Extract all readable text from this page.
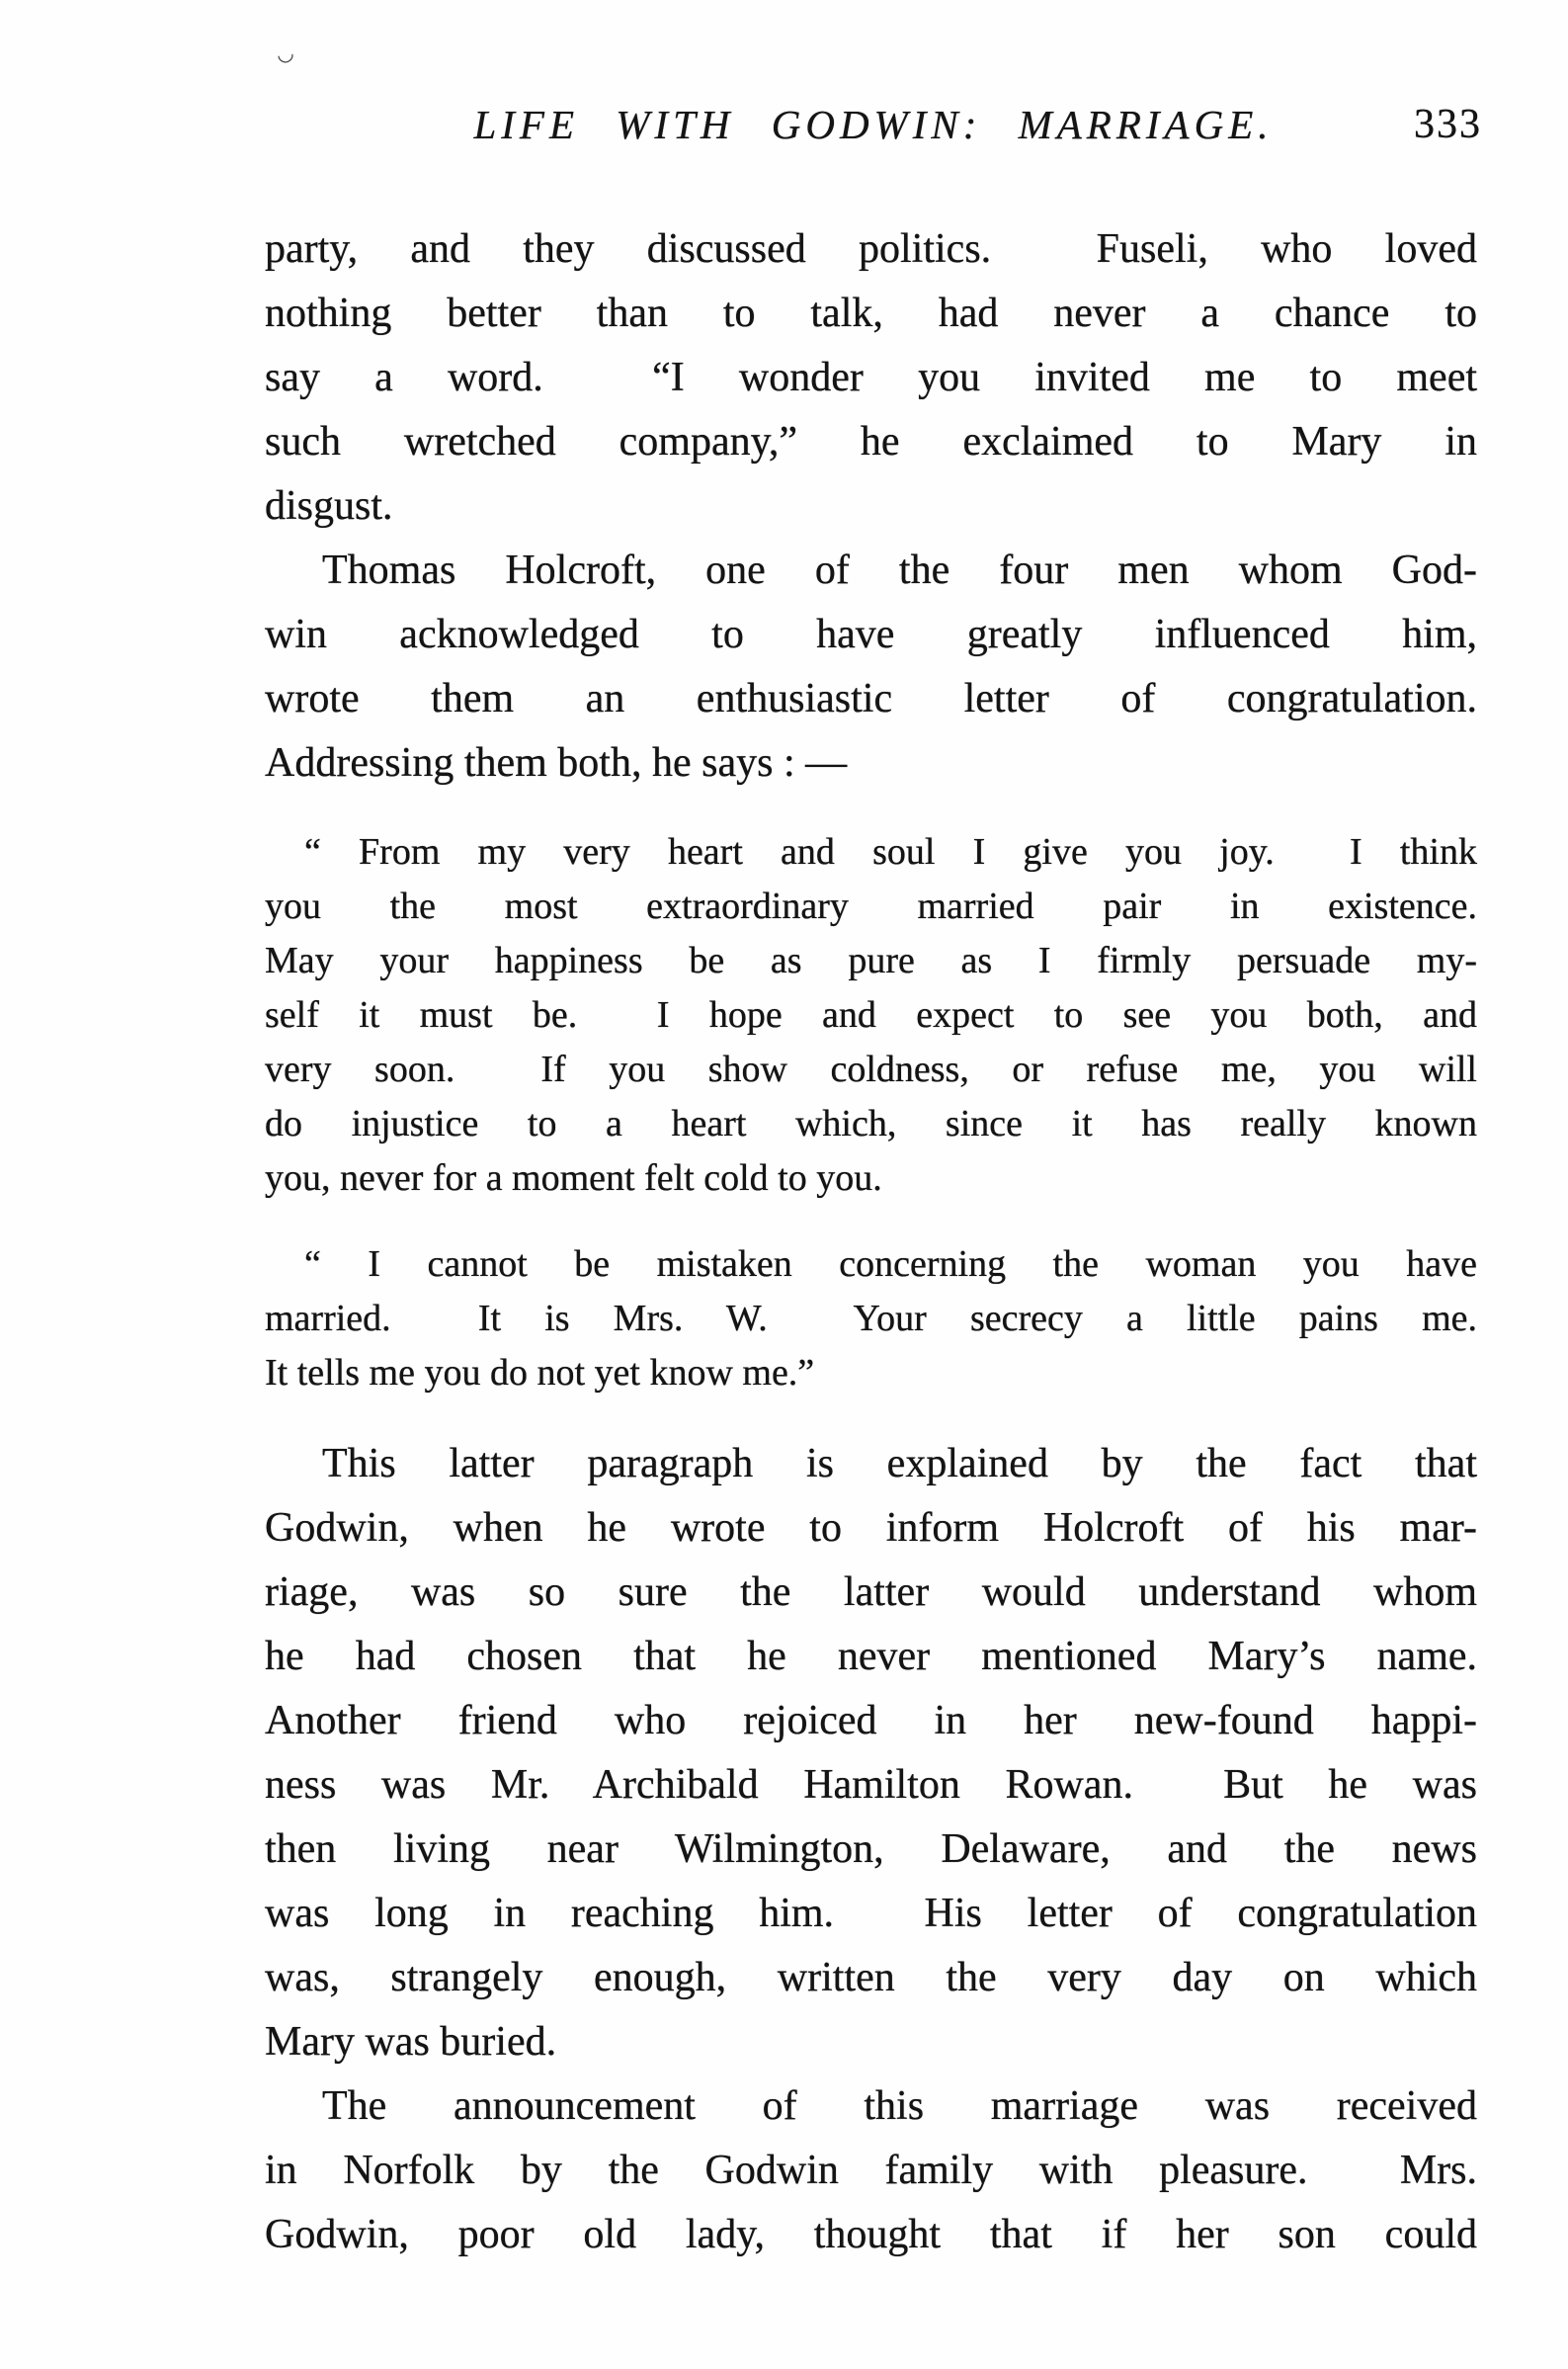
◡
LIFE WITH GODWIN: MARRIAGE.	333
party, and they discussed politics.  Fuseli, who loved
nothing better than to talk, had never a chance to
say a word.  “I wonder you invited me to meet
such wretched company,” he exclaimed to Mary in
disgust.
Thomas Holcroft, one of the four men whom God-
win acknowledged to have greatly influenced him,
wrote them an enthusiastic letter of congratulation.
Addressing them both, he says : —
“ From my very heart and soul I give you joy.  I think
you the most extraordinary married pair in existence.
May your happiness be as pure as I firmly persuade my-
self it must be.  I hope and expect to see you both, and
very soon.  If you show coldness, or refuse me, you will
do injustice to a heart which, since it has really known
you, never for a moment felt cold to you.
“ I cannot be mistaken concerning the woman you have
married.  It is Mrs. W.  Your secrecy a little pains me.
It tells me you do not yet know me.”
This latter paragraph is explained by the fact that
Godwin, when he wrote to inform Holcroft of his mar-
riage, was so sure the latter would understand whom
he had chosen that he never mentioned Mary’s name.
Another friend who rejoiced in her new-found happi-
ness was Mr. Archibald Hamilton Rowan.  But he was
then living near Wilmington, Delaware, and the news
was long in reaching him.  His letter of congratulation
was, strangely enough, written the very day on which
Mary was buried.
The announcement of this marriage was received
in Norfolk by the Godwin family with pleasure.  Mrs.
Godwin, poor old lady, thought that if her son could
